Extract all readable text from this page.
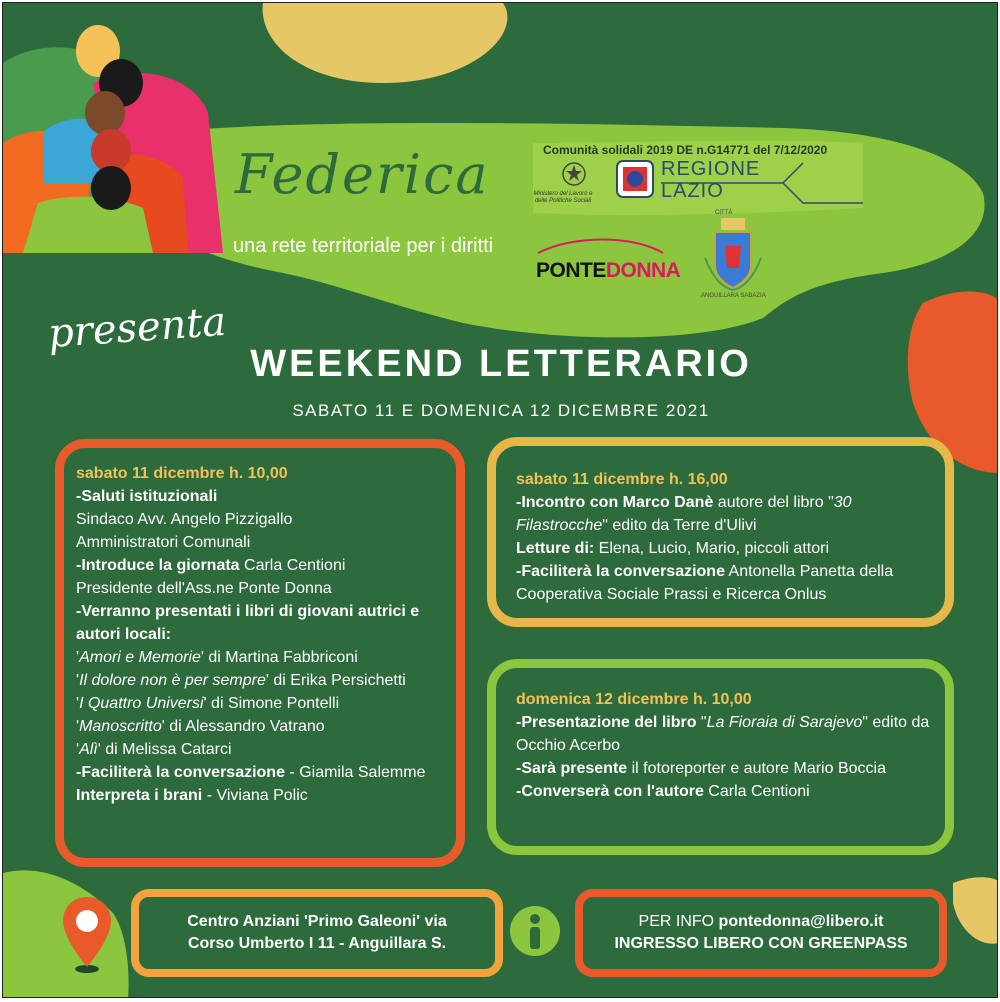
Federica
una rete territoriale per i diritti
Comunità solidali 2019 DE n.G14771 del 7/12/2020
Ministero del Lavoro e delle Politiche Sociali
REGIONE
LAZIO
PONTEDONNA
CITTÀ
ANGUILLARA SABAZIA
presenta
WEEKEND LETTERARIO
SABATO 11 E DOMENICA 12 DICEMBRE 2021
sabato 11 dicembre h. 10,00
-Saluti istituzionali
Sindaco Avv. Angelo Pizzigallo
Amministratori Comunali
-Introduce la giornata Carla Centioni
Presidente dell'Ass.ne Ponte Donna
-Verranno presentati i libri di giovani autrici e autori locali:
'Amori e Memorie' di Martina Fabbriconi
'Il dolore non è per sempre' di Erika Persichetti
'I Quattro Universi' di Simone Pontelli
'Manoscritto' di Alessandro Vatrano
'Alì' di Melissa Catarci
-Faciliterà la conversazione - Giamila Salemme
Interpreta i brani - Viviana Polic
sabato 11 dicembre h. 16,00
-Incontro con Marco Danè autore del libro "30 Filastrocche" edito da Terre d'Ulivi
Letture di: Elena, Lucio, Mario, piccoli attori
-Faciliterà la conversazione Antonella Panetta della Cooperativa Sociale Prassi e Ricerca Onlus
domenica 12 dicembre h. 10,00
-Presentazione del libro "La Fioraia di Sarajevo" edito da Occhio Acerbo
-Sarà presente il fotoreporter e autore Mario Boccia
-Converserà con l'autore Carla Centioni
Centro Anziani 'Primo Galeoni' via
Corso Umberto I 11 - Anguillara S.
PER INFO pontedonna@libero.it
INGRESSO LIBERO CON GREENPASS
